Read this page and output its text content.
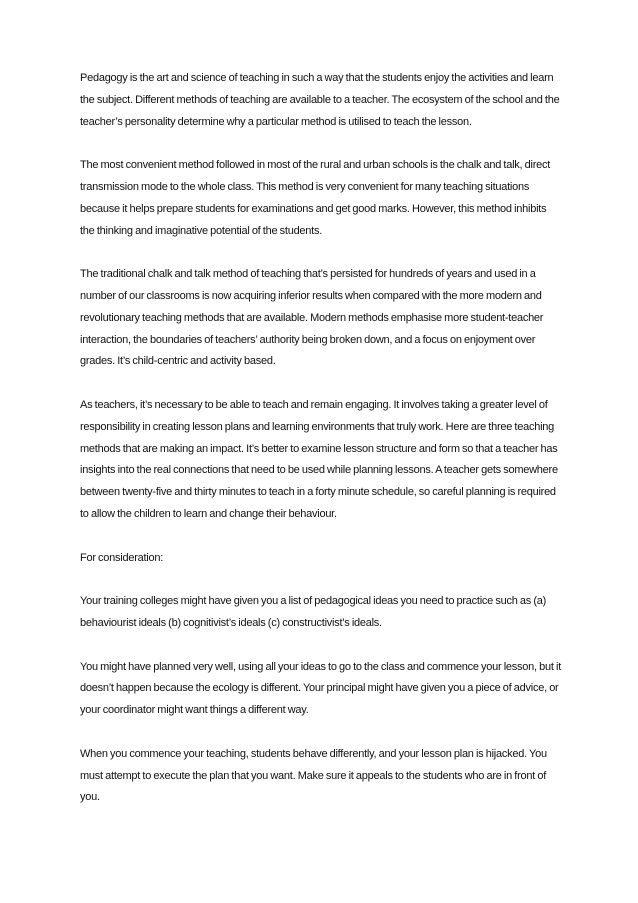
Pedagogy is the art and science of teaching in such a way that the students enjoy the activities and learn the subject. Different methods of teaching are available to a teacher. The ecosystem of the school and the teacher’s personality determine why a particular method is utilised to teach the lesson.

The most convenient method followed in most of the rural and urban schools is the chalk and talk, direct transmission mode to the whole class. This method is very convenient for many teaching situations because it helps prepare students for examinations and get good marks. However, this method inhibits the thinking and imaginative potential of the students.

The traditional chalk and talk method of teaching that’s persisted for hundreds of years and used in a number of our classrooms is now acquiring inferior results when compared with the more modern and revolutionary teaching methods that are available. Modern methods emphasise more student-teacher interaction, the boundaries of teachers’ authority being broken down, and a focus on enjoyment over grades. It’s child-centric and activity based.

As teachers, it’s necessary to be able to teach and remain engaging. It involves taking a greater level of responsibility in creating lesson plans and learning environments that truly work. Here are three teaching methods that are making an impact. It’s better to examine lesson structure and form so that a teacher has insights into the real connections that need to be used while planning lessons. A teacher gets somewhere between twenty-five and thirty minutes to teach in a forty minute schedule, so careful planning is required to allow the children to learn and change their behaviour.

For consideration:

Your training colleges might have given you a list of pedagogical ideas you need to practice such as (a) behaviourist ideals (b) cognitivist’s ideals (c) constructivist’s ideals.

You might have planned very well, using all your ideas to go to the class and commence your lesson, but it doesn’t happen because the ecology is different. Your principal might have given you a piece of advice, or your coordinator might want things a different way.

When you commence your teaching, students behave differently, and your lesson plan is hijacked. You must attempt to execute the plan that you want. Make sure it appeals to the students who are in front of you.
